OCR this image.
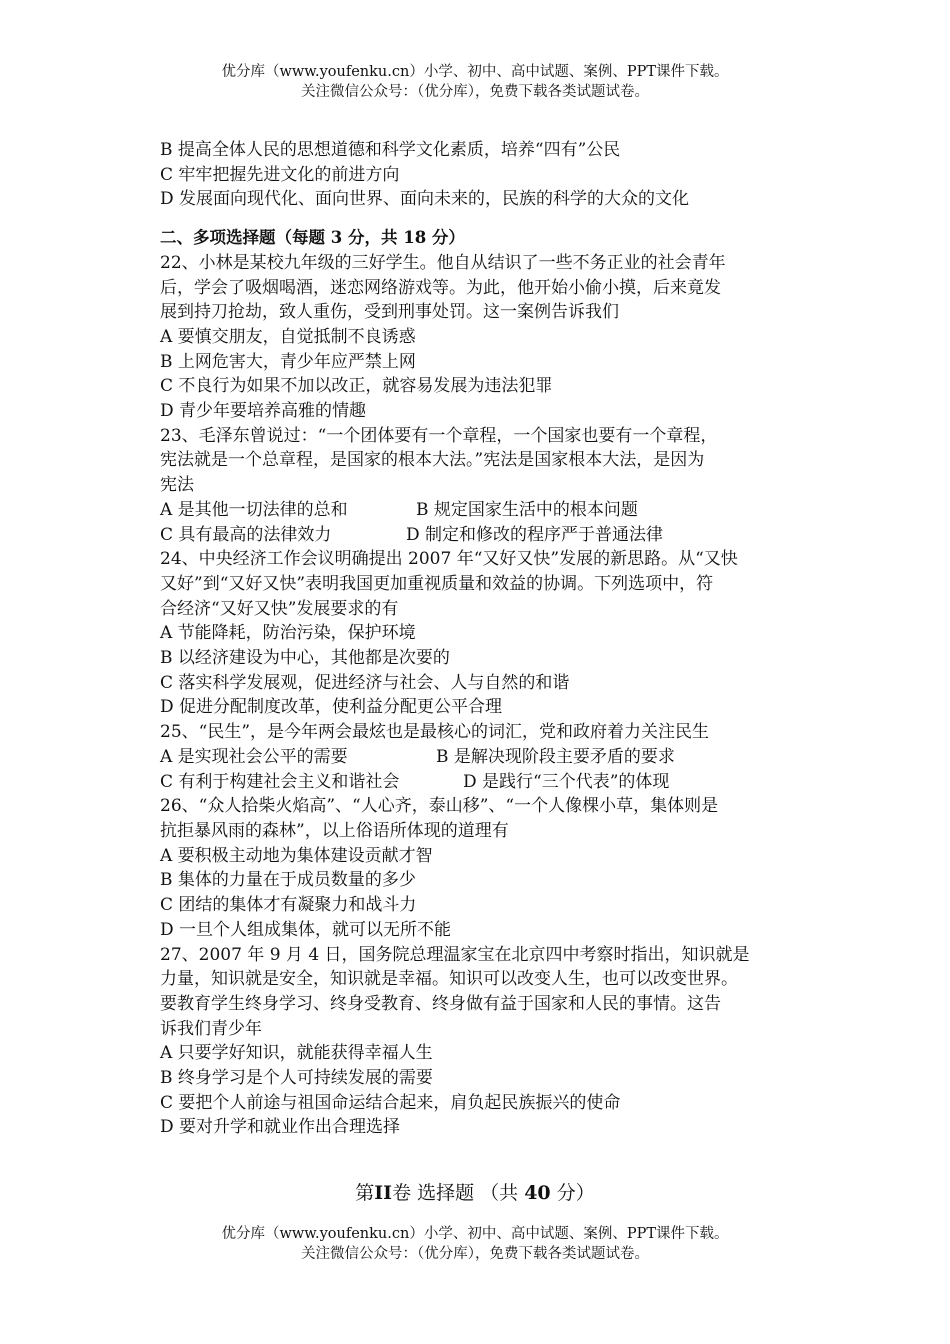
优分库（www.youfenku.cn）小学、初中、高中试题、案例、PPT课件下载。
关注微信公众号：（优分库），免费下载各类试题试卷。
B 提高全体人民的思想道德和科学文化素质，培养“四有”公民
C 牢牢把握先进文化的前进方向
D 发展面向现代化、面向世界、面向未来的，民族的科学的大众的文化
二、多项选择题（每题 3 分，共 18 分）
22、小林是某校九年级的三好学生。他自从结识了一些不务正业的社会青年
后，学会了吸烟喝酒，迷恋网络游戏等。为此，他开始小偷小摸，后来竟发
展到持刀抢劫，致人重伤，受到刑事处罚。这一案例告诉我们
A 要慎交朋友，自觉抵制不良诱惑
B 上网危害大，青少年应严禁上网
C 不良行为如果不加以改正，就容易发展为违法犯罪
D 青少年要培养高雅的情趣
23、毛泽东曾说过：“一个团体要有一个章程，一个国家也要有一个章程，
宪法就是一个总章程，是国家的根本大法。”宪法是国家根本大法，是因为
宪法
A 是其他一切法律的总和	B 规定国家生活中的根本问题
C 具有最高的法律效力	D 制定和修改的程序严于普通法律
24、中央经济工作会议明确提出 2007 年“又好又快”发展的新思路。从“又快
又好”到“又好又快”表明我国更加重视质量和效益的协调。下列选项中，符
合经济“又好又快”发展要求的有
A 节能降耗，防治污染，保护环境
B 以经济建设为中心，其他都是次要的
C 落实科学发展观，促进经济与社会、人与自然的和谐
D 促进分配制度改革，使利益分配更公平合理
25、“民生”，是今年两会最炫也是最核心的词汇，党和政府着力关注民生
A 是实现社会公平的需要	B 是解决现阶段主要矛盾的要求
C 有利于构建社会主义和谐社会	D 是践行“三个代表”的体现
26、“众人拾柴火焰高”、“人心齐，泰山移”、“一个人像棵小草，集体则是
抗拒暴风雨的森林”，以上俗语所体现的道理有
A 要积极主动地为集体建设贡献才智
B 集体的力量在于成员数量的多少
C 团结的集体才有凝聚力和战斗力
D 一旦个人组成集体，就可以无所不能
27、2007 年 9 月 4 日，国务院总理温家宝在北京四中考察时指出，知识就是
力量，知识就是安全，知识就是幸福。知识可以改变人生，也可以改变世界。
要教育学生终身学习、终身受教育、终身做有益于国家和人民的事情。这告
诉我们青少年
A 只要学好知识，就能获得幸福人生
B 终身学习是个人可持续发展的需要
C 要把个人前途与祖国命运结合起来，肩负起民族振兴的使命
D 要对升学和就业作出合理选择
第II卷 选择题 （共 40 分）
优分库（www.youfenku.cn）小学、初中、高中试题、案例、PPT课件下载。
关注微信公众号：（优分库），免费下载各类试题试卷。
